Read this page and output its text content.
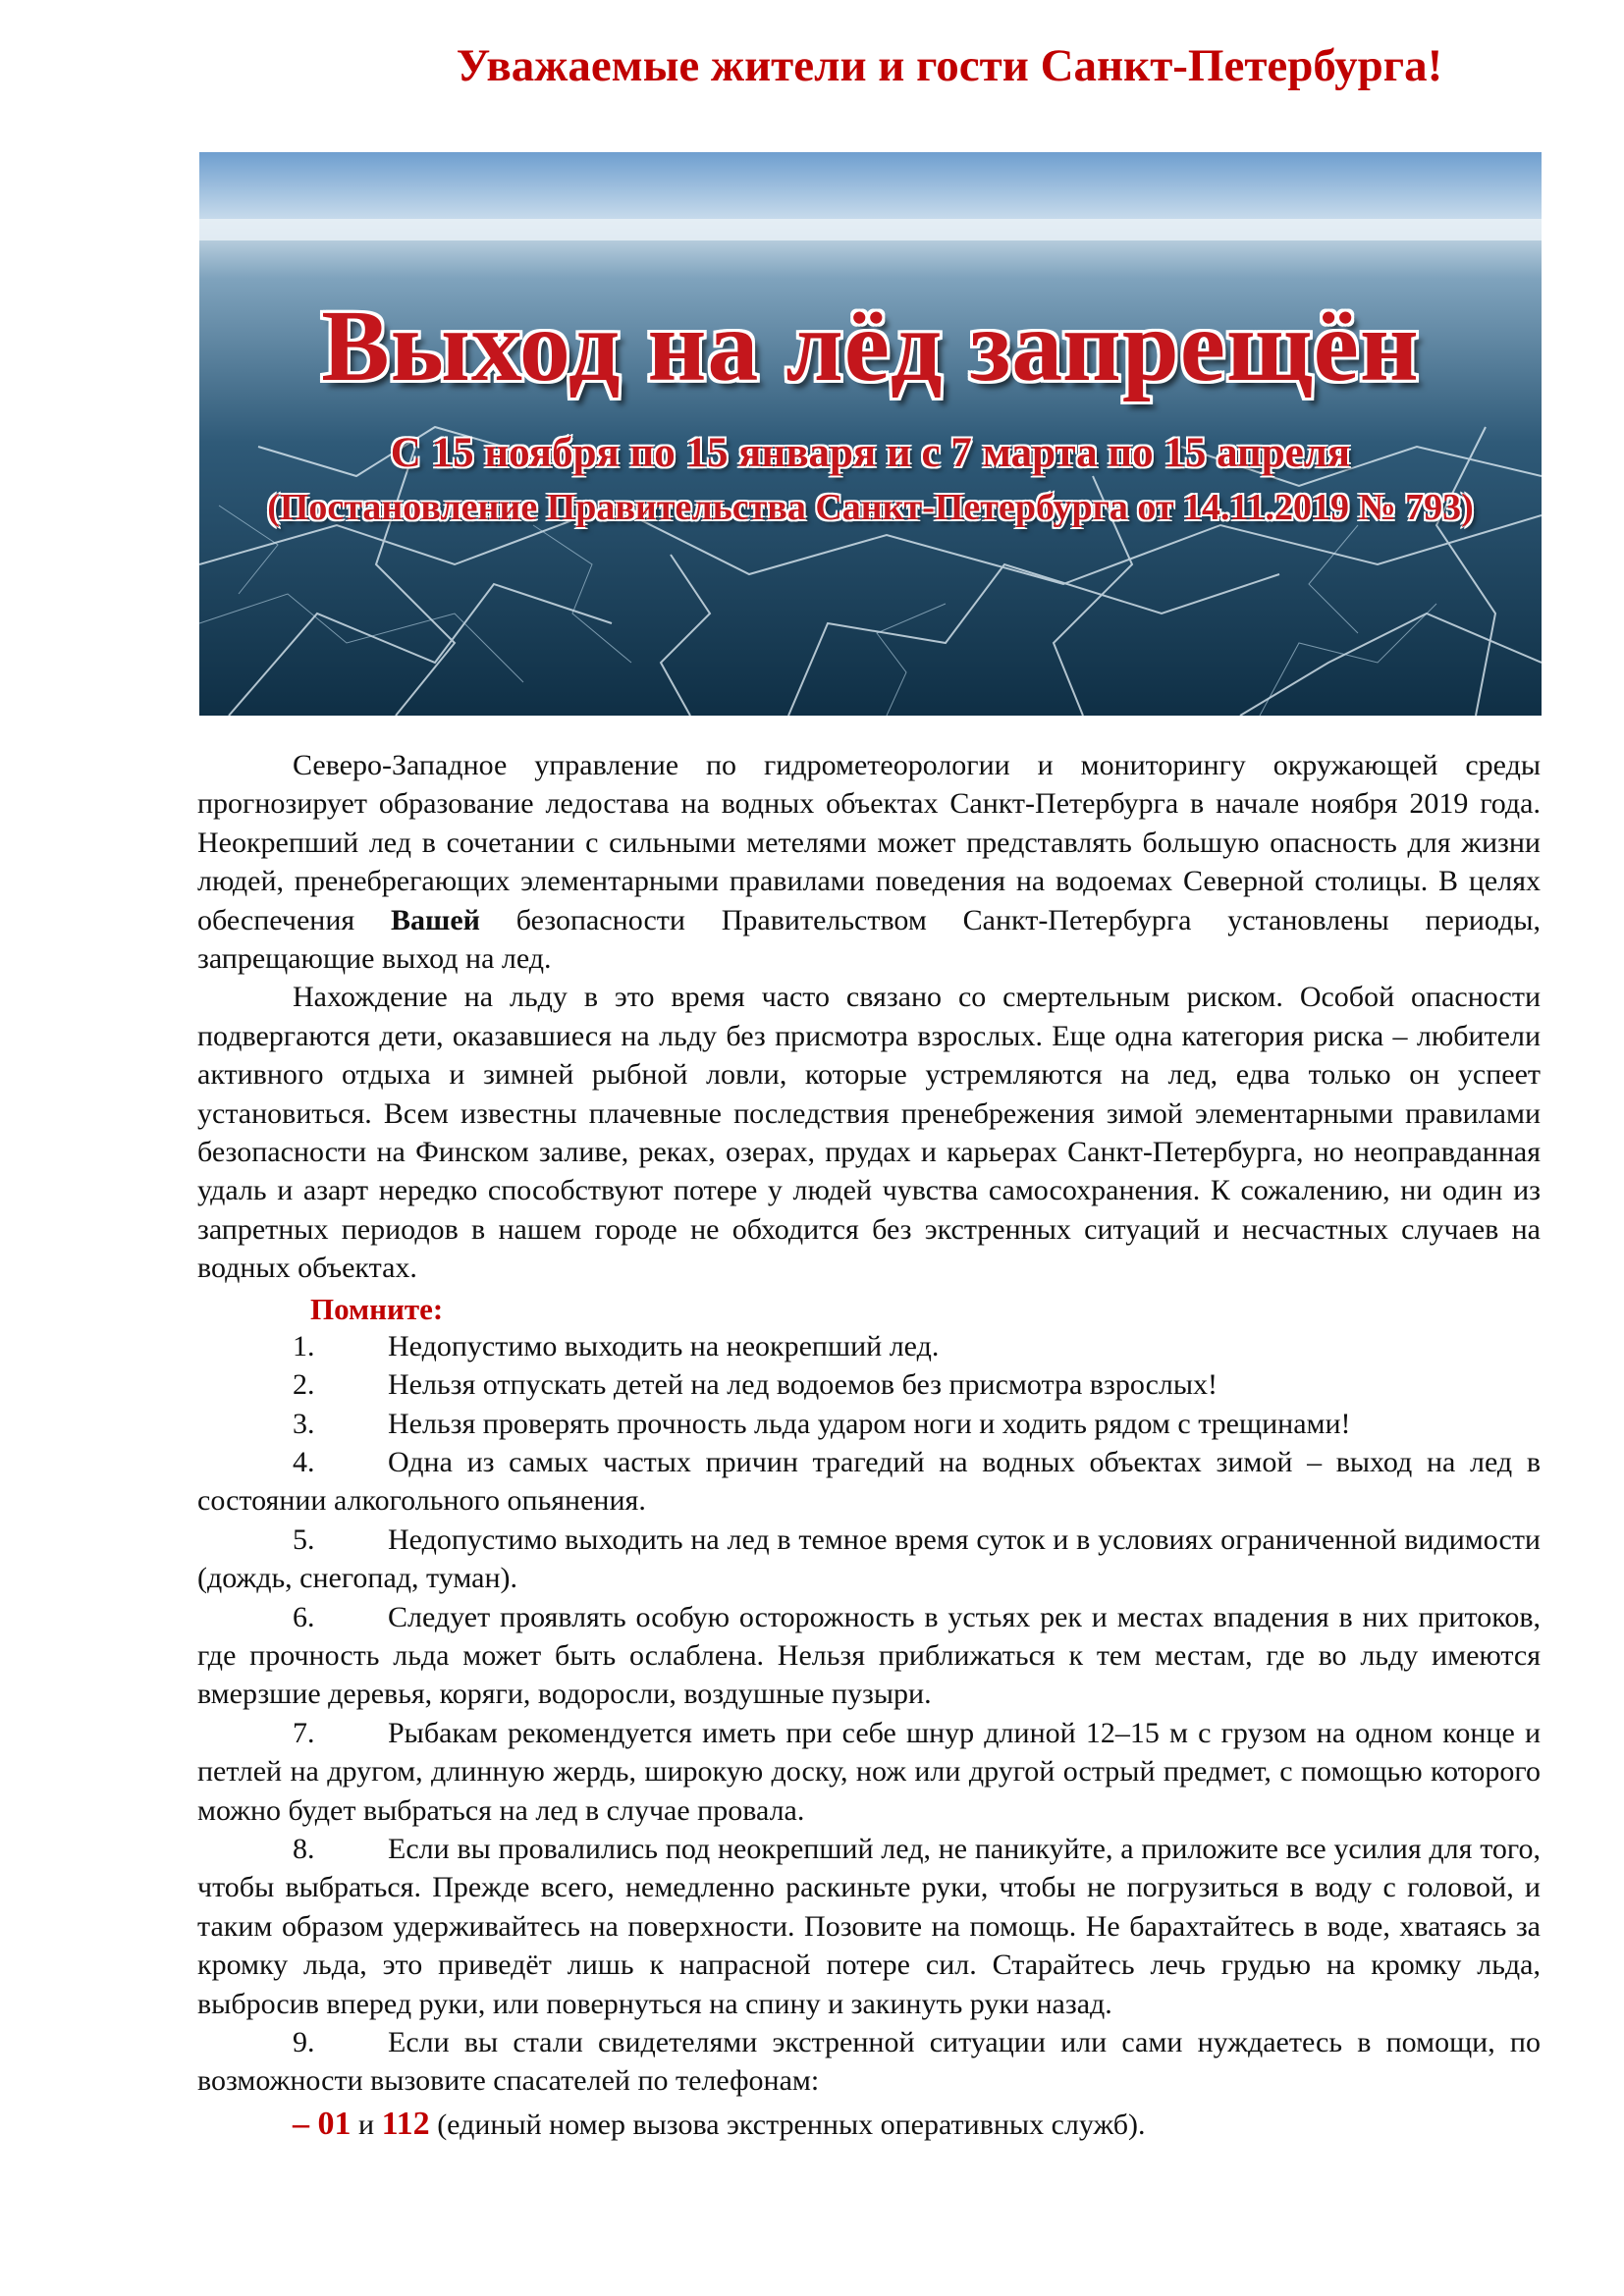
Уважаемые жители и гости Санкт-Петербурга!
Выход на лёд запрещён
С 15 ноября по 15 января и с 7 марта по 15 апреля
(Постановление Правительства Санкт-Петербурга от 14.11.2019 № 793)

Северо-Западное управление по гидрометеорологии и мониторингу окружающей среды прогнозирует образование ледостава на водных объектах Санкт-Петербурга в начале ноября 2019 года. Неокрепший лед в сочетании с сильными метелями может представлять большую опасность для жизни людей, пренебрегающих элементарными правилами поведения на водоемах Северной столицы. В целях обеспечения Вашей безопасности Правительством Санкт-Петербурга установлены периоды, запрещающие выход на лед.

Нахождение на льду в это время часто связано со смертельным риском. Особой опасности подвергаются дети, оказавшиеся на льду без присмотра взрослых. Еще одна категория риска – любители активного отдыха и зимней рыбной ловли, которые устремляются на лед, едва только он успеет установиться. Всем известны плачевные последствия пренебрежения зимой элементарными правилами безопасности на Финском заливе, реках, озерах, прудах и карьерах Санкт-Петербурга, но неоправданная удаль и азарт нередко способствуют потере у людей чувства самосохранения. К сожалению, ни один из запретных периодов в нашем городе не обходится без экстренных ситуаций и несчастных случаев на водных объектах.

Помните:

1. Недопустимо выходить на неокрепший лед.

2. Нельзя отпускать детей на лед водоемов без присмотра взрослых!

3. Нельзя проверять прочность льда ударом ноги и ходить рядом с трещинами!

4. Одна из самых частых причин трагедий на водных объектах зимой – выход на лед в состоянии алкогольного опьянения.

5. Недопустимо выходить на лед в темное время суток и в условиях ограниченной видимости (дождь, снегопад, туман).

6. Следует проявлять особую осторожность в устьях рек и местах впадения в них притоков, где прочность льда может быть ослаблена. Нельзя приближаться к тем местам, где во льду имеются вмерзшие деревья, коряги, водоросли, воздушные пузыри.

7. Рыбакам рекомендуется иметь при себе шнур длиной 12–15 м с грузом на одном конце и петлей на другом, длинную жердь, широкую доску, нож или другой острый предмет, с помощью которого можно будет выбраться на лед в случае провала.

8. Если вы провалились под неокрепший лед, не паникуйте, а приложите все усилия для того, чтобы выбраться. Прежде всего, немедленно раскиньте руки, чтобы не погрузиться в воду с головой, и таким образом удерживайтесь на поверхности. Позовите на помощь. Не барахтайтесь в воде, хватаясь за кромку льда, это приведёт лишь к напрасной потере сил. Старайтесь лечь грудью на кромку льда, выбросив вперед руки, или повернуться на спину и закинуть руки назад.

9. Если вы стали свидетелями экстренной ситуации или сами нуждаетесь в помощи, по возможности вызовите спасателей по телефонам:

– 01 и 112 (единый номер вызова экстренных оперативных служб).
